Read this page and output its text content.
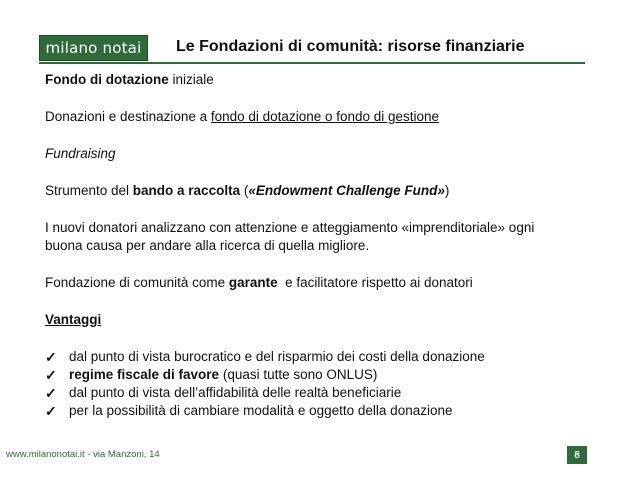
milano notai Le Fondazioni di comunità: risorse finanziarie

Fondo di dotazione iniziale

Donazioni e destinazione a fondo di dotazione o fondo di gestione

Fundraising

Strumento del bando a raccolta («Endowment Challenge Fund»)

I nuovi donatori analizzano con attenzione e atteggiamento «imprenditoriale» ogni

buona causa per andare alla ricerca di quella migliore.

Fondazione di comunità come garante  e facilitatore rispetto ai donatori

Vantaggi

✓ dal punto di vista burocratico e del risparmio dei costi della donazione
✓ regime fiscale di favore (quasi tutte sono ONLUS)
✓ dal punto di vista dell’affidabilità delle realtà beneficiarie
✓ per la possibilità di cambiare modalità e oggetto della donazione
www.milanonotai.it - via Manzoni, 14	8
